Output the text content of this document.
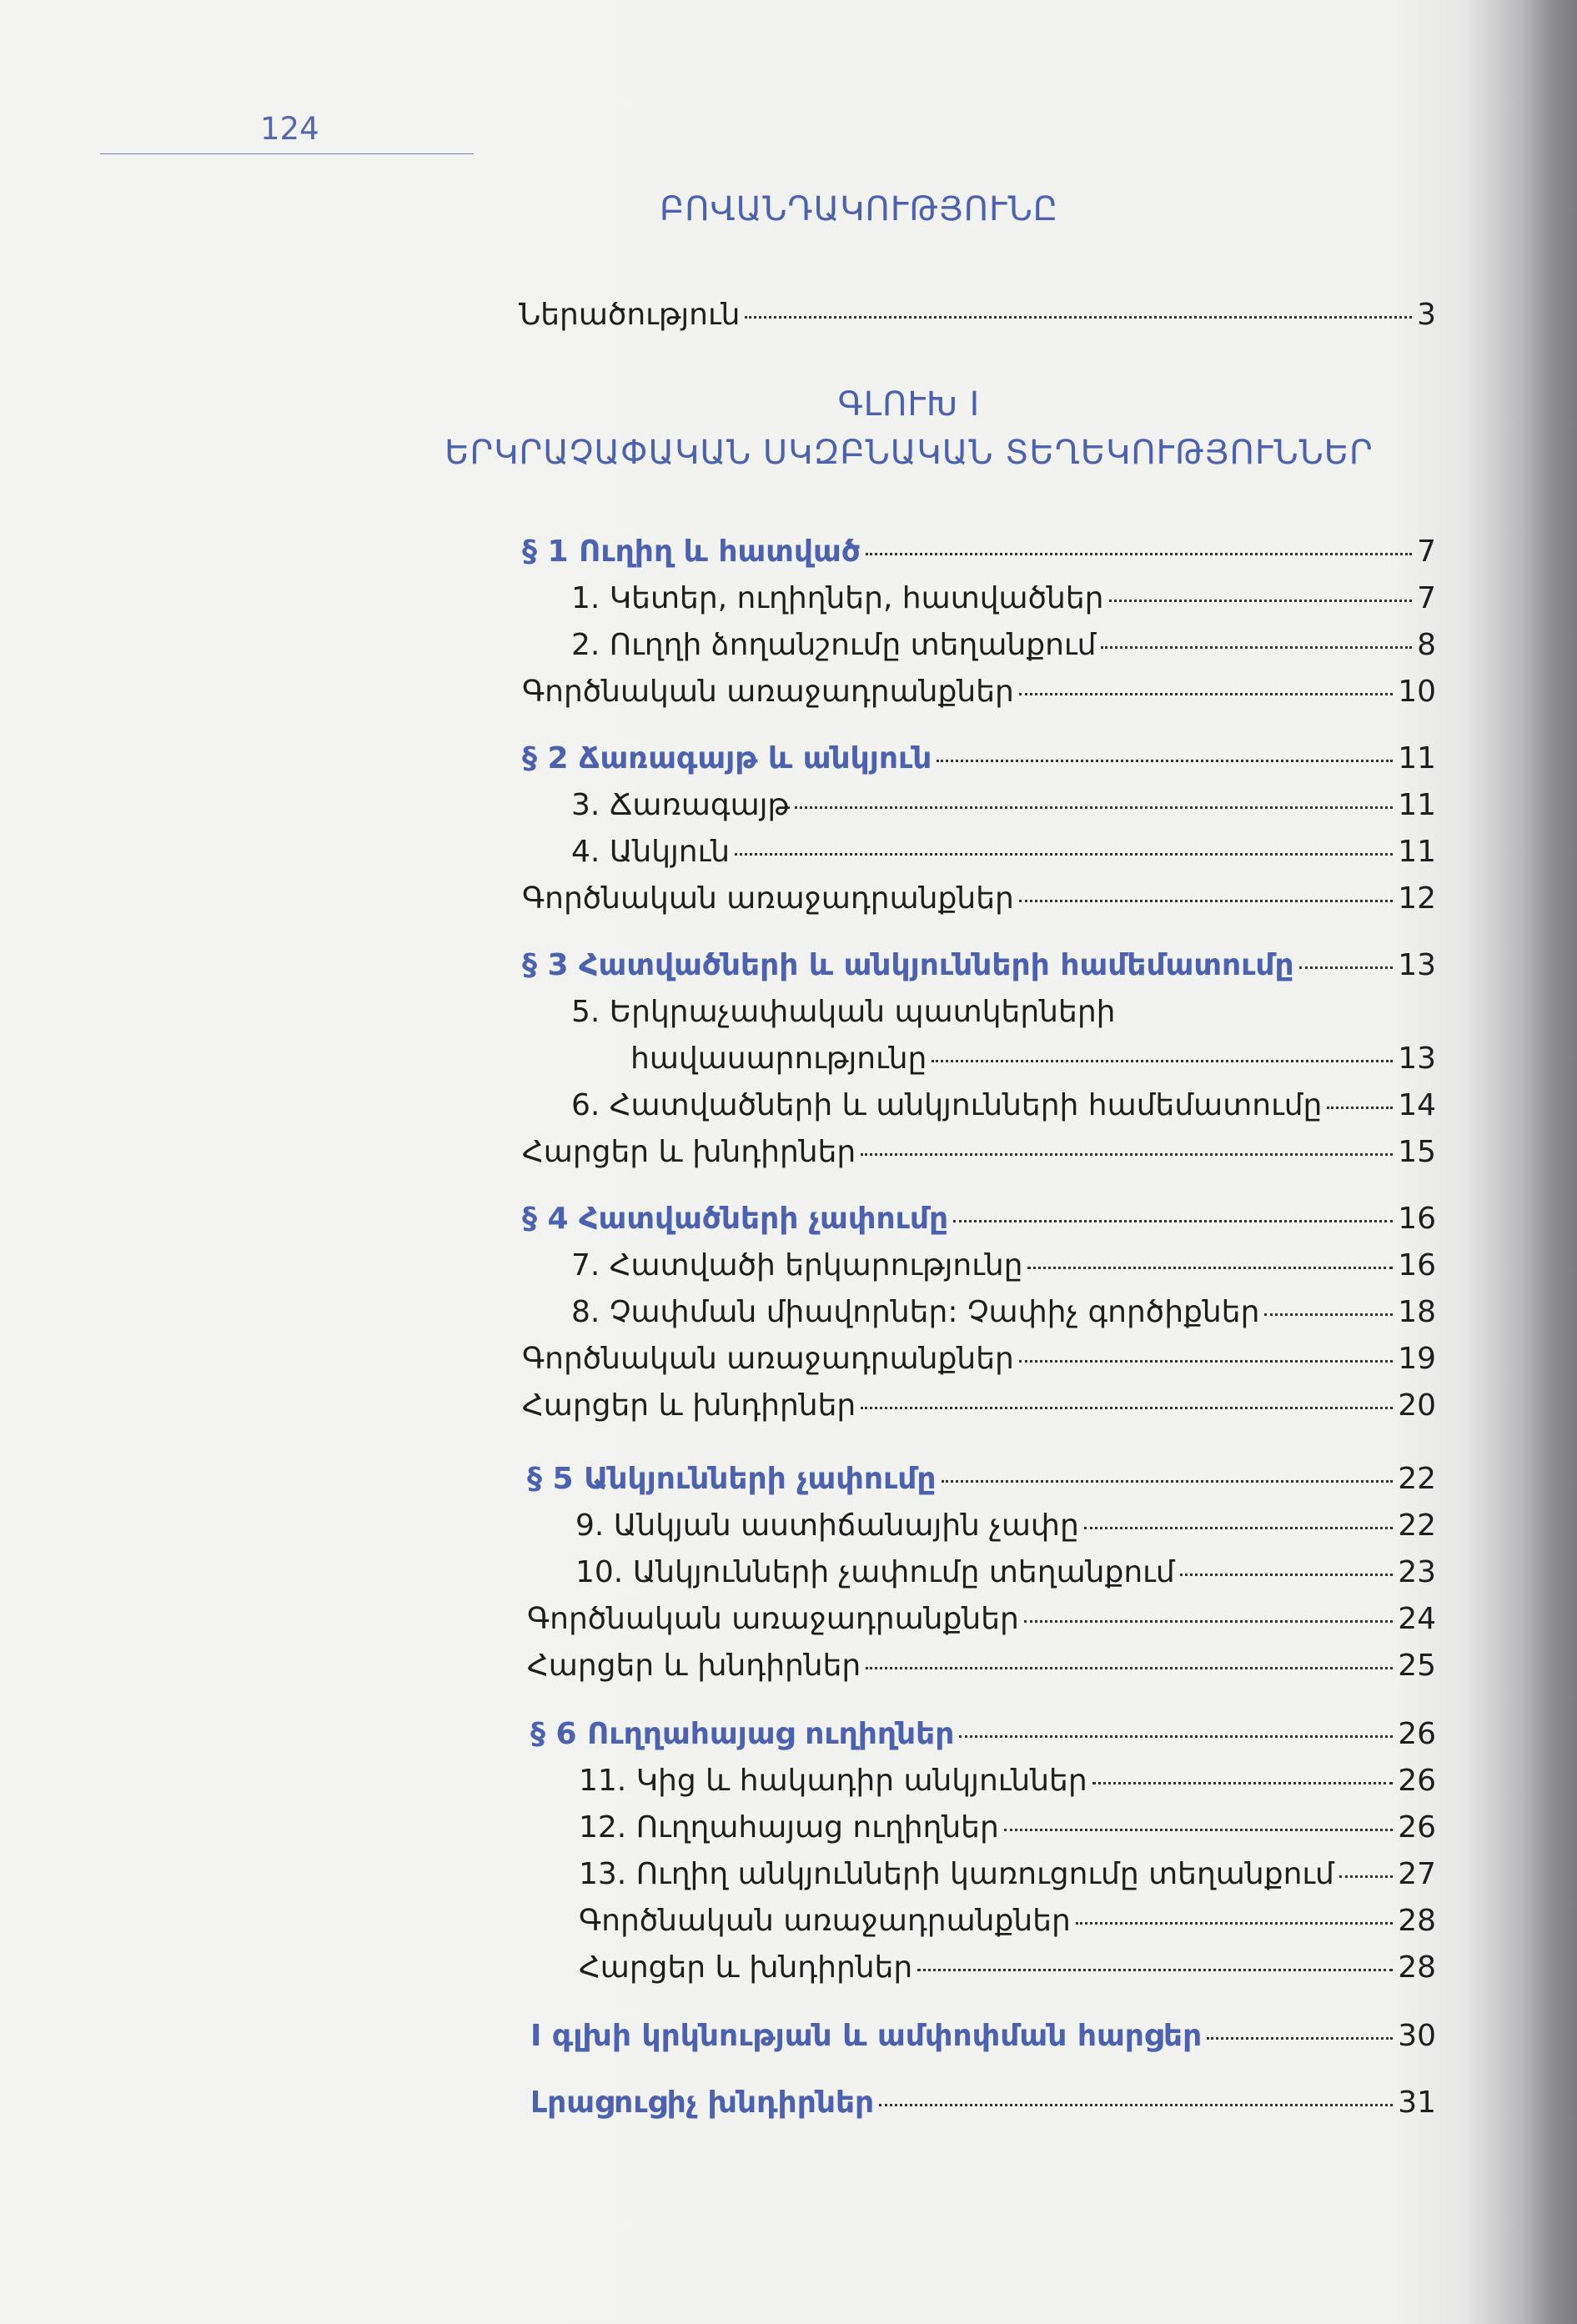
124
ԲՈՎԱՆԴԱԿՈՒԹՅՈՒՆԸ
Ներածություն	3
ԳԼՈՒԽ I
ԵՐԿՐԱՉԱՓԱԿԱՆ ՍԿԶԲՆԱԿԱՆ ՏԵՂԵԿՈՒԹՅՈՒՆՆԵՐ
§ 1 Ուղիղ և հատված	7
1. Կետեր, ուղիղներ, հատվածներ	7
2. Ուղղի ձողանշումը տեղանքում	8
Գործնական առաջադրանքներ	10
§ 2 Ճառագայթ և անկյուն	11
3. Ճառագայթ	11
4. Անկյուն	11
Գործնական առաջադրանքներ	12
§ 3 Հատվածների և անկյունների համեմատումը	13
5. Երկրաչափական պատկերների
հավասարությունը	13
6. Հատվածների և անկյունների համեմատումը	14
Հարցեր և խնդիրներ	15
§ 4 Հատվածների չափումը	16
7. Հատվածի երկարությունը	16
8. Չափման միավորներ: Չափիչ գործիքներ	18
Գործնական առաջադրանքներ	19
Հարցեր և խնդիրներ	20
§ 5 Անկյունների չափումը	22
9. Անկյան աստիճանային չափը	22
10. Անկյունների չափումը տեղանքում	23
Գործնական առաջադրանքներ	24
Հարցեր և խնդիրներ	25
§ 6 Ուղղահայաց ուղիղներ	26
11. Կից և հակադիր անկյուններ	26
12. Ուղղահայաց ուղիղներ	26
13. Ուղիղ անկյունների կառուցումը տեղանքում 27
Գործնական առաջադրանքներ	28
Հարցեր և խնդիրներ	28
I գլխի կրկնության և ամփոփման հարցեր	30
Լրացուցիչ խնդիրներ	31
